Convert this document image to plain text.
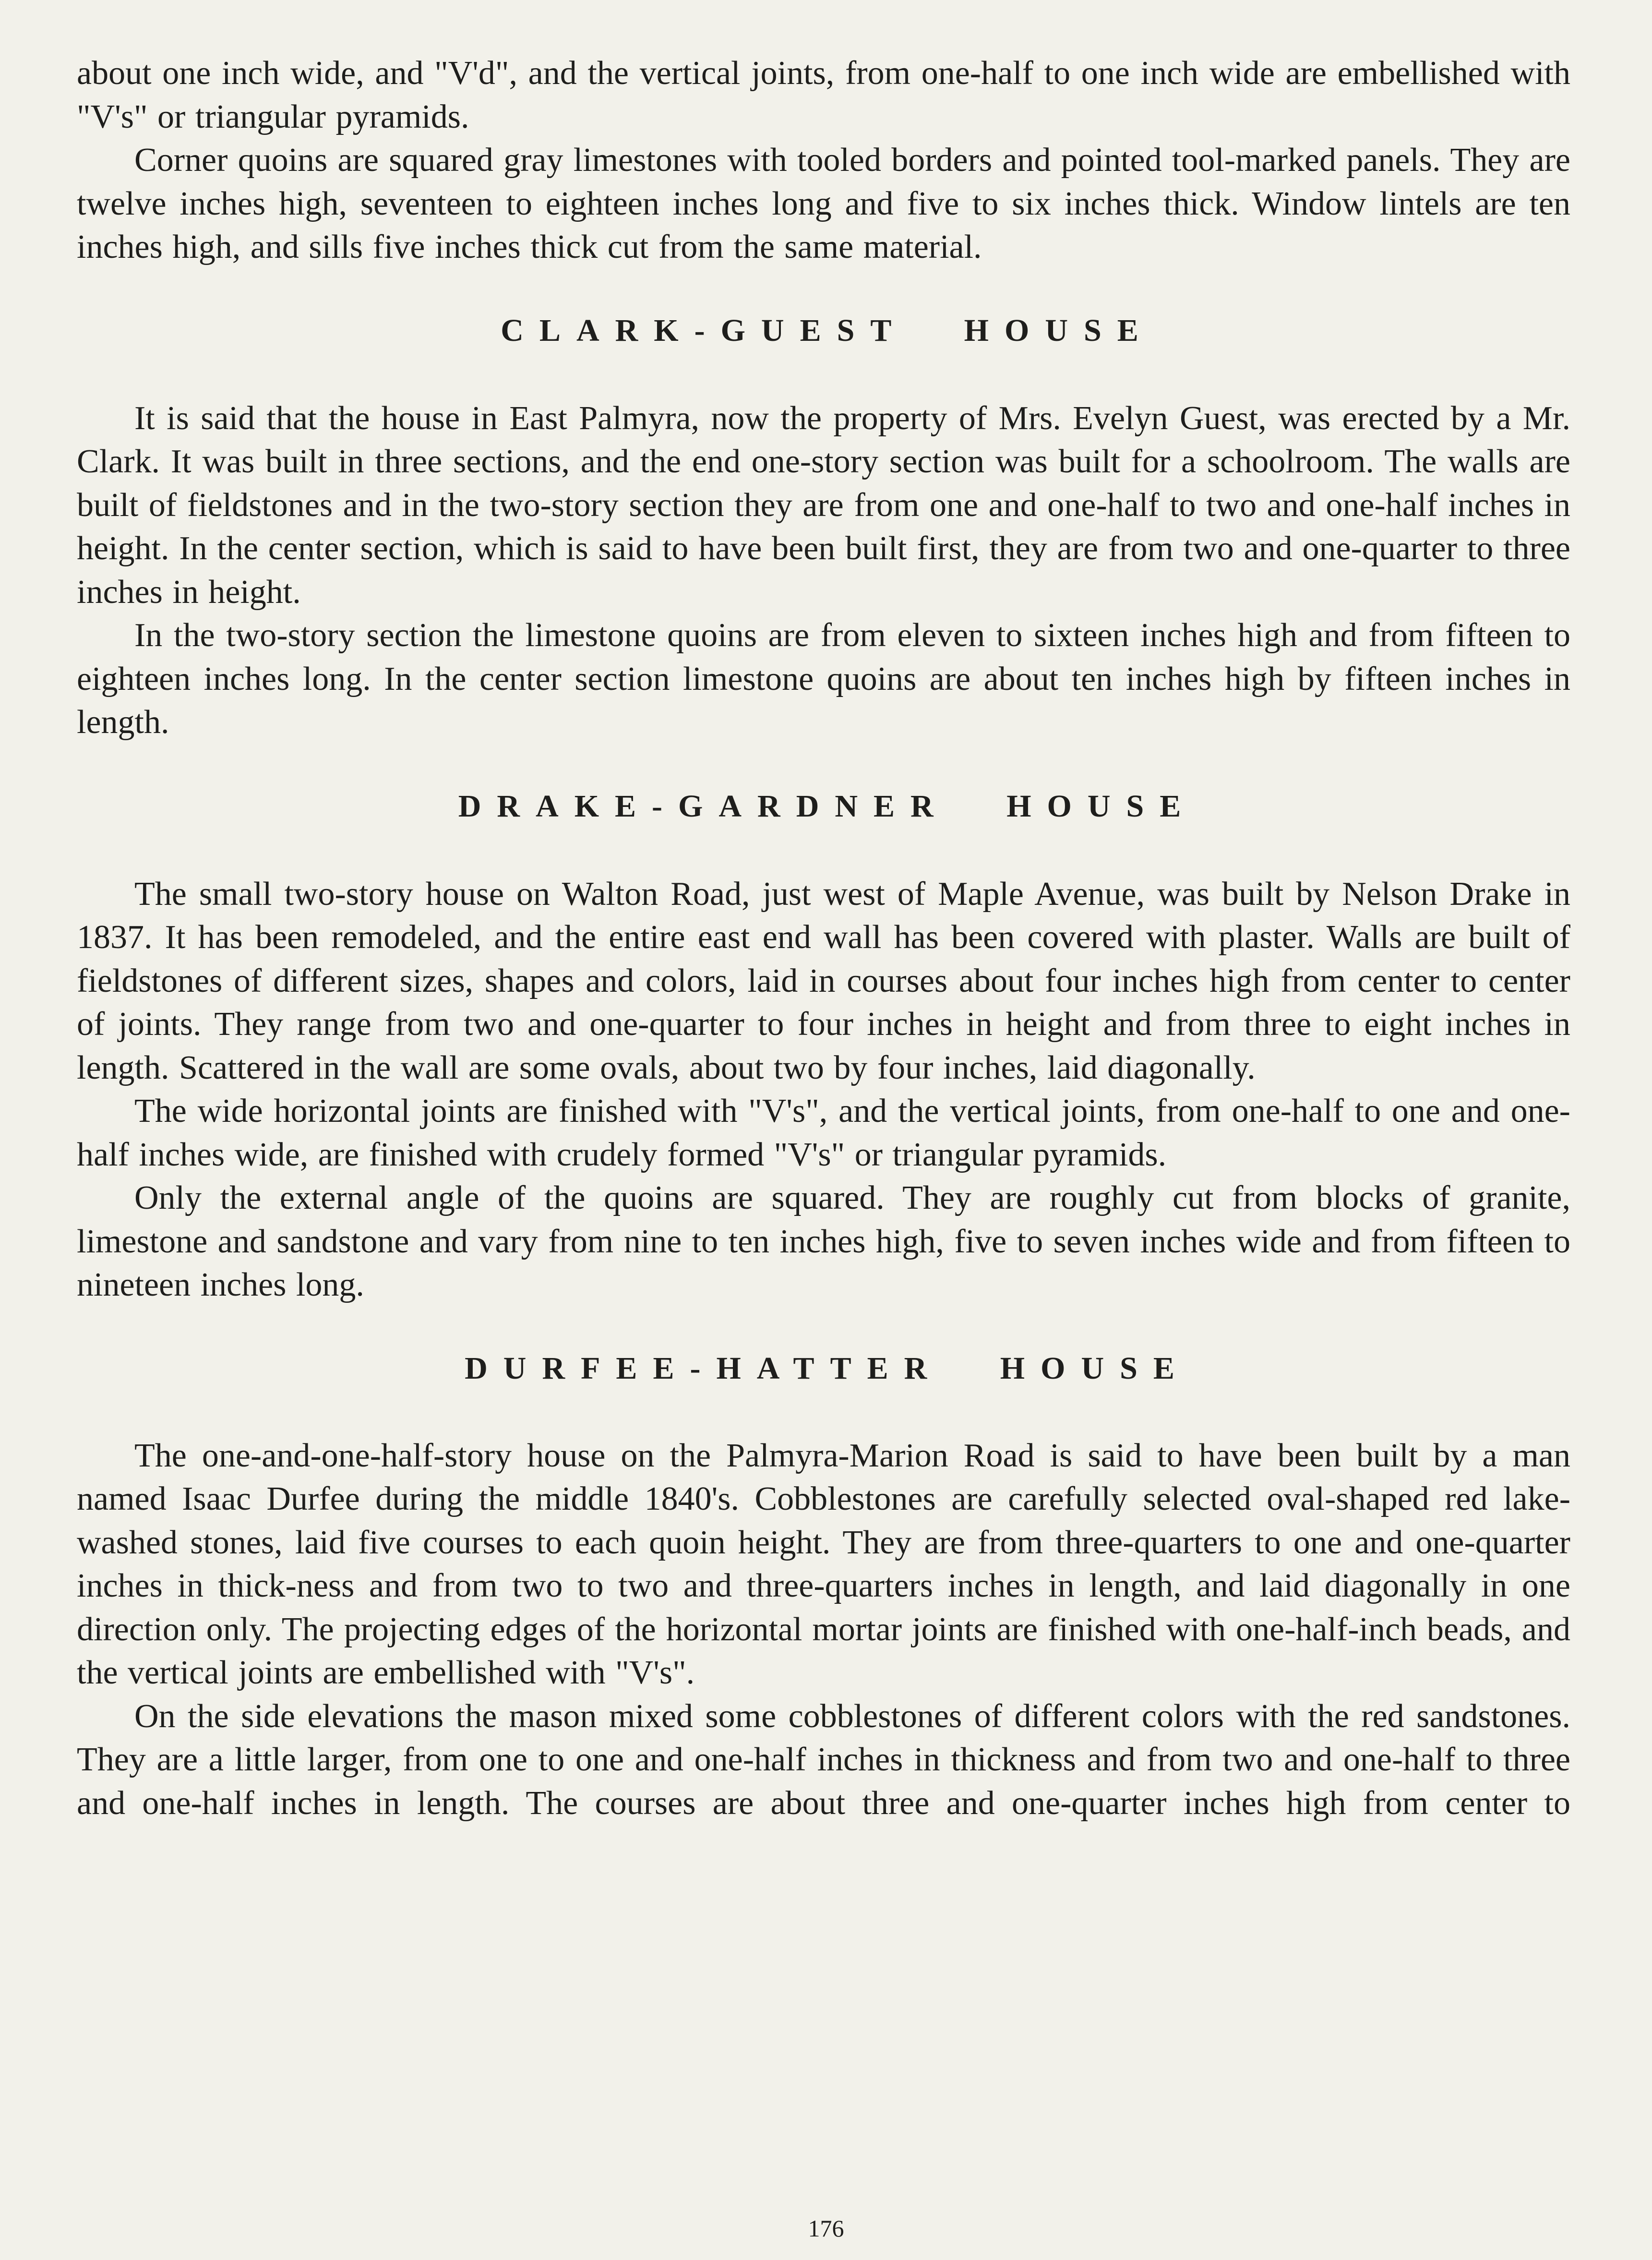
about one inch wide, and "V'd", and the vertical joints, from one-half to one inch wide are embellished with "V's" or triangular pyramids.

Corner quoins are squared gray limestones with tooled borders and pointed tool-marked panels. They are twelve inches high, seventeen to eighteen inches long and five to six inches thick. Window lintels are ten inches high, and sills five inches thick cut from the same material.

CLARK-GUEST HOUSE

It is said that the house in East Palmyra, now the property of Mrs. Evelyn Guest, was erected by a Mr. Clark. It was built in three sections, and the end one-story section was built for a schoolroom. The walls are built of fieldstones and in the two-story section they are from one and one-half to two and one-half inches in height. In the center section, which is said to have been built first, they are from two and one-quarter to three inches in height.

In the two-story section the limestone quoins are from eleven to sixteen inches high and from fifteen to eighteen inches long. In the center section limestone quoins are about ten inches high by fifteen inches in length.

DRAKE-GARDNER HOUSE

The small two-story house on Walton Road, just west of Maple Avenue, was built by Nelson Drake in 1837. It has been remodeled, and the entire east end wall has been covered with plaster. Walls are built of fieldstones of different sizes, shapes and colors, laid in courses about four inches high from center to center of joints. They range from two and one-quarter to four inches in height and from three to eight inches in length. Scattered in the wall are some ovals, about two by four inches, laid diagonally.

The wide horizontal joints are finished with "V's", and the vertical joints, from one-half to one and one-half inches wide, are finished with crudely formed "V's" or triangular pyramids.

Only the external angle of the quoins are squared. They are roughly cut from blocks of granite, limestone and sandstone and vary from nine to ten inches high, five to seven inches wide and from fifteen to nineteen inches long.

DURFEE-HATTER HOUSE

The one-and-one-half-story house on the Palmyra-Marion Road is said to have been built by a man named Isaac Durfee during the middle 1840's. Cobblestones are carefully selected oval-shaped red lake-washed stones, laid five courses to each quoin height. They are from three-quarters to one and one-quarter inches in thick-ness and from two to two and three-quarters inches in length, and laid diagonally in one direction only. The projecting edges of the horizontal mortar joints are finished with one-half-inch beads, and the vertical joints are embellished with "V's".

On the side elevations the mason mixed some cobblestones of different colors with the red sandstones. They are a little larger, from one to one and one-half inches in thickness and from two and one-half to three and one-half inches in length. The courses are about three and one-quarter inches high from center to

176
